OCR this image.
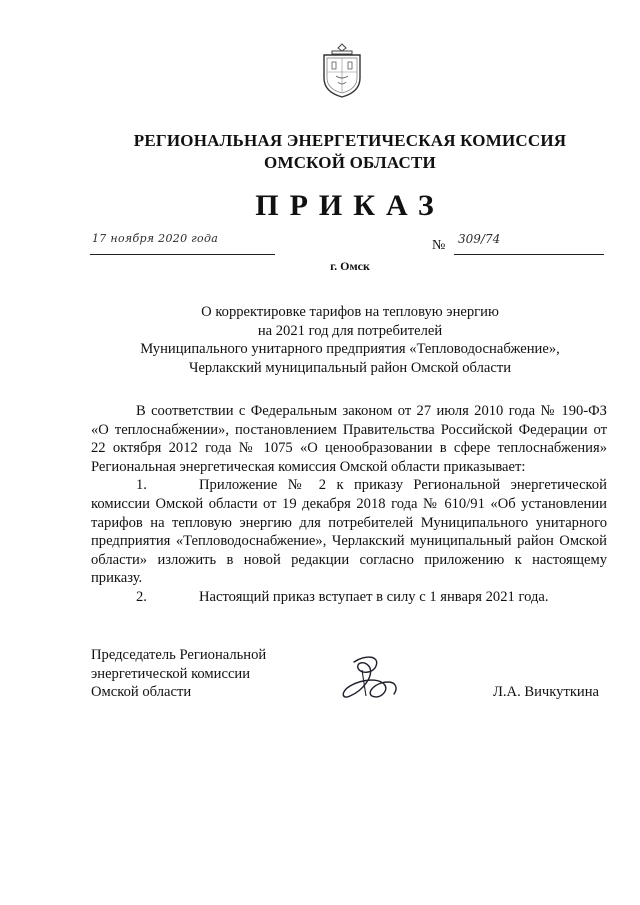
РЕГИОНАЛЬНАЯ ЭНЕРГЕТИЧЕСКАЯ КОМИССИЯ
ОМСКОЙ ОБЛАСТИ
ПРИКАЗ
17 ноября 2020 года	№ 309/74
г. Омск
О корректировке тарифов на тепловую энергию
на 2021 год для потребителей
Муниципального унитарного предприятия «Тепловодоснабжение»,
Черлакский муниципальный район Омской области

В соответствии с Федеральным законом от 27 июля 2010 года № 190-ФЗ «О теплоснабжении», постановлением Правительства Российской Федерации от 22 октября 2012 года № 1075 «О ценообразовании в сфере теплоснабжения» Региональная энергетическая комиссия Омской области приказывает:

1.	Приложение № 2 к приказу Региональной энергетической комиссии Омской области от 19 декабря 2018 года № 610/91 «Об установлении тарифов на тепловую энергию для потребителей Муниципального унитарного предприятия «Тепловодоснабжение», Черлакский муниципальный район Омской области» изложить в новой редакции согласно приложению к настоящему приказу.

2.	Настоящий приказ вступает в силу с 1 января 2021 года.

Председатель Региональной
энергетической комиссии
Омской области	Л.А. Вичкуткина
